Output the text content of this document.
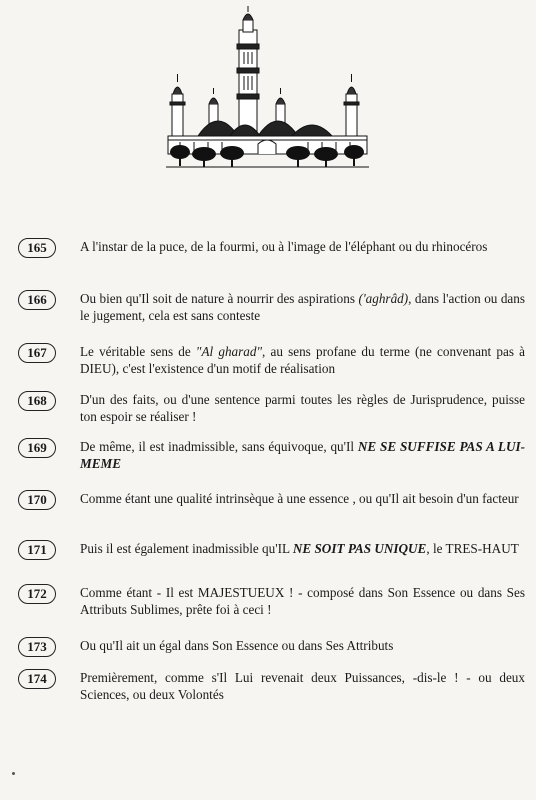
165	A l'instar de la puce, de la fourmi, ou à l'image de l'éléphant ou du rhinocéros
166	Ou bien qu'Il soit de nature à nourrir des aspirations ('aghrâd), dans l'action ou dans le jugement, cela est sans conteste
167	Le véritable sens de "Al gharad", au sens profane du terme (ne convenant pas à DIEU), c'est l'existence d'un motif de réalisation
168	D'un des faits, ou d'une sentence parmi toutes les règles de Jurisprudence, puisse ton espoir se réaliser !
169	De même, il est inadmissible, sans équivoque, qu'Il NE SE SUFFISE PAS A LUI-MEME
170	Comme étant une qualité intrinsèque à une essence , ou qu'Il ait besoin d'un facteur
171	Puis il est également inadmissible qu'IL NE SOIT PAS UNIQUE, le TRES-HAUT
172	Comme étant - Il est MAJESTUEUX ! - composé dans Son Essence ou dans Ses Attributs Sublimes, prête foi à ceci !
173	Ou qu'Il ait un égal dans Son Essence ou dans Ses Attributs
174	Premièrement, comme s'Il Lui revenait deux Puissances, -dis-le ! - ou deux Sciences, ou deux Volontés
